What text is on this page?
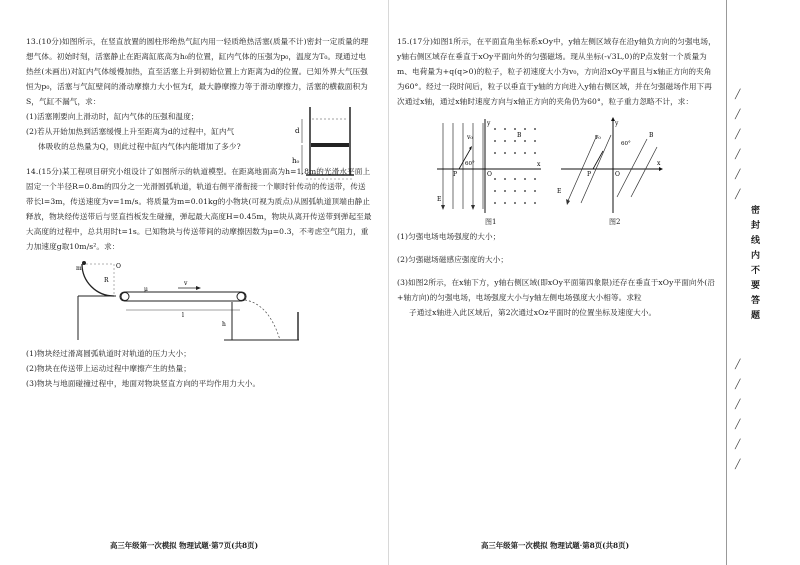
13.(10分)如图所示，在竖直放置的圆柱形绝热气缸内用一轻质绝热活塞(质量不计)密封一定质量的理想气体。初始时刻，活塞静止在距离缸底高为h₀的位置，缸内气体的压强为p₀，温度为T₀。现通过电热丝(未画出)对缸内气体缓慢加热，直至活塞上升到初始位置上方距离为d的位置。已知外界大气压强恒为p₀，活塞与气缸壁间的滑动摩擦力大小恒为f，最大静摩擦力等于滑动摩擦力，活塞的横截面积为S，气缸不漏气，求：

(1)活塞刚要向上滑动时，缸内气体的压强和温度；

(2)若从开始加热到活塞缓慢上升至距离为d的过程中，缸内气

体吸收的总热量为Q，则此过程中缸内气体内能增加了多少?

d
h₀

14.(15分)某工程项目研究小组设计了如图所示的轨道模型。在距离地面高为h=1.8m的光滑水平面上固定一个半径R=0.8m的四分之一光滑圆弧轨道，轨道右侧平滑衔接一个顺时针传动的传送带，传送带长l=3m，传送速度为v=1m/s。将质量为m=0.01kg的小物块(可视为质点)从圆弧轨道顶端由静止释放，物块经传送带后与竖直挡板发生碰撞，弹起最大高度H=0.45m，物块从离开传送带到弹起至最大高度的过程中，总共用时t=1s。已知物块与传送带间的动摩擦因数为μ=0.3，不考虑空气阻力，重力加速度g取10m/s²。求：

m	O
R
μ
v
l
h

(1)物块经过滑离圆弧轨道时对轨道的压力大小；

(2)物块在传送带上运动过程中摩擦产生的热量；

(3)物块与地面碰撞过程中，地面对物块竖直方向的平均作用力大小。

高三年级第一次模拟 物理试题·第7页(共8页)

15.(17分)如图1所示，在平面直角坐标系xOy中，y轴左侧区域存在沿y轴负方向的匀强电场，y轴右侧区域存在垂直于xOy平面向外的匀强磁场。现从坐标(-√3L,0)的P点发射一个质量为m、电荷量为+q(q>0)的粒子，粒子初速度大小为v₀，方向沿xOy平面且与x轴正方向的夹角为60°。经过一段时间后，粒子以垂直于y轴的方向进入y轴右侧区域，并在匀强磁场作用下再次通过x轴，通过x轴时速度方向与x轴正方向的夹角仍为60°，粒子重力忽略不计，求：

y
v₀	B
60°
P	O
x
E
图1
y
v₀
60°
B
P	O
x
E
图2

(1)匀强电场电场强度的大小；

(2)匀强磁场磁感应强度的大小；

(3)如图2所示，在x轴下方，y轴右侧区域(即xOy平面第四象限)还存在垂直于xOy平面向外(沿+轴方向)的匀强电场，电场强度大小与y轴左侧电场强度大小相等。求粒

子通过x轴进入此区域后，第2次通过xOz平面时的位置坐标及速度大小。

高三年级第一次模拟 物理试题·第8页(共8页)
╱
╱
╱
╱
╱
╱
密封线内不要答题
╱
╱
╱
╱
╱
╱
